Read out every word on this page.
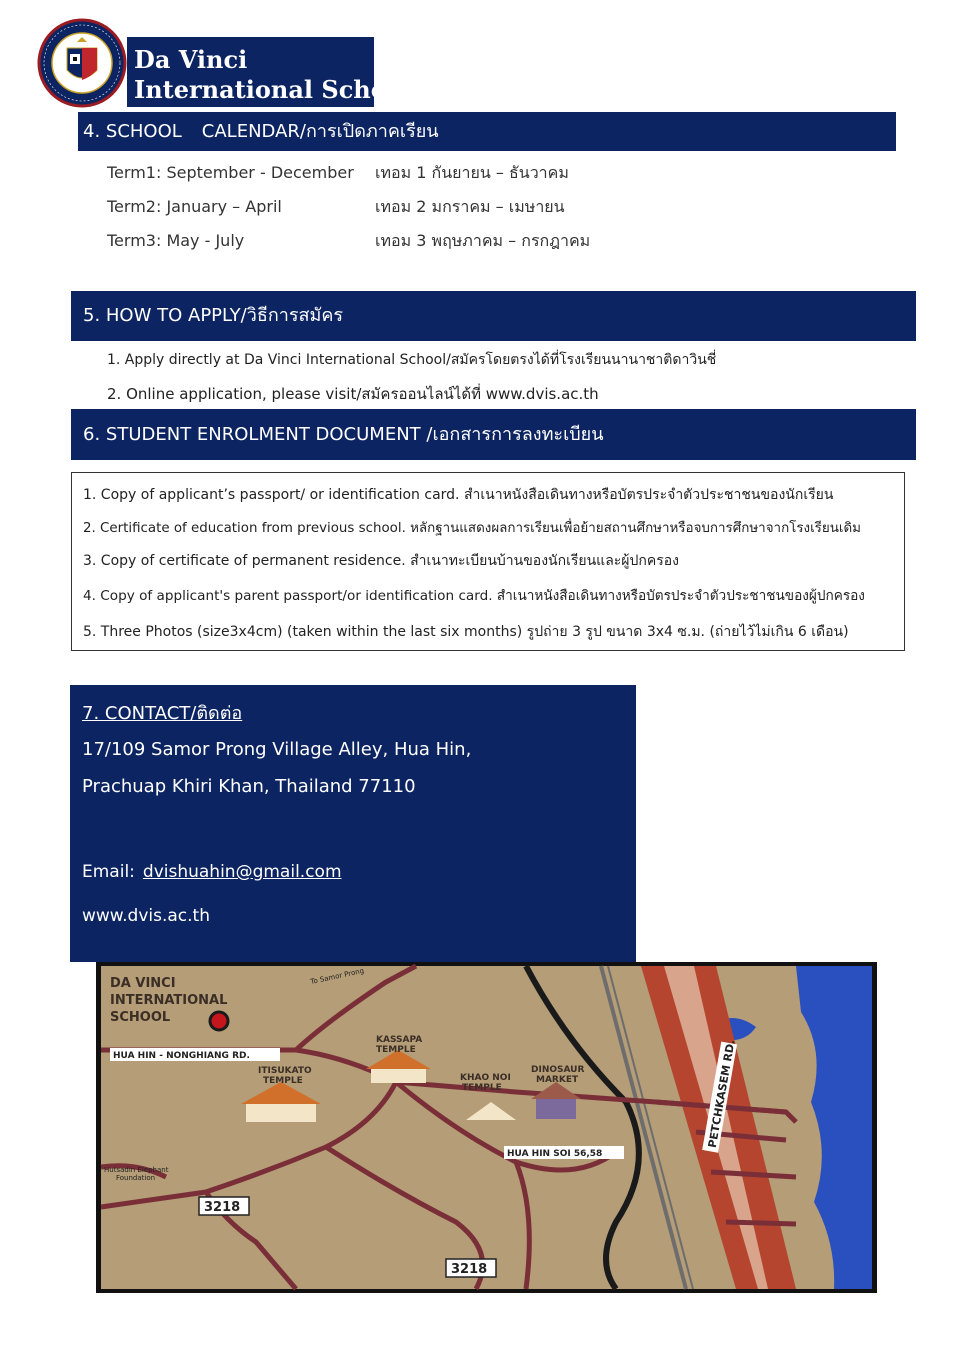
Da Vinci
International School
4. SCHOOL CALENDAR/การเปิดภาคเรียน
Term1: September - December เทอม 1 กันยายน – ธันวาคม
Term2: January – April	เทอม 2 มกราคม – เมษายน
Term3: May - July	เทอม 3 พฤษภาคม – กรกฎาคม
5. HOW TO APPLY/วิธีการสมัคร
1. Apply directly at Da Vinci International School/สมัครโดยตรงได้ที่โรงเรียนนานาชาติดาวินชี่
2. Online application, please visit/สมัครออนไลน์ได้ที่ www.dvis.ac.th
6. STUDENT ENROLMENT DOCUMENT /เอกสารการลงทะเบียน
1. Copy of applicant’s passport/ or identification card. สำเนาหนังสือเดินทางหรือบัตรประจำตัวประชาชนของนักเรียน
2. Certificate of education from previous school. หลักฐานแสดงผลการเรียนเพื่อย้ายสถานศึกษาหรือจบการศึกษาจากโรงเรียนเดิม
3. Copy of certificate of permanent residence. สำเนาทะเบียนบ้านของนักเรียนและผู้ปกครอง
4. Copy of applicant's parent passport/or identification card. สำเนาหนังสือเดินทางหรือบัตรประจำตัวประชาชนของผู้ปกครอง
5. Three Photos (size3x4cm) (taken within the last six months) รูปถ่าย 3 รูป ขนาด 3x4 ซ.ม. (ถ่ายไว้ไม่เกิน 6 เดือน)
7. CONTACT/ติดต่อ
17/109 Samor Prong Village Alley, Hua Hin,
Prachuap Khiri Khan, Thailand 77110
Email: dvishuahin@gmail.com
www.dvis.ac.th
DA VINCI
INTERNATIONAL
SCHOOL
HUA HIN - NONGHIANG RD.
To Samor Prong
KASSAPA
TEMPLE
ITISUKATO
TEMPLE	KHAO NOI
TEMPLE
DINOSAUR
MARKET
HUA HIN SOI 56,58
PETCHKASEM RD.
Hutsadin Elephant
Foundation
3218
3218
